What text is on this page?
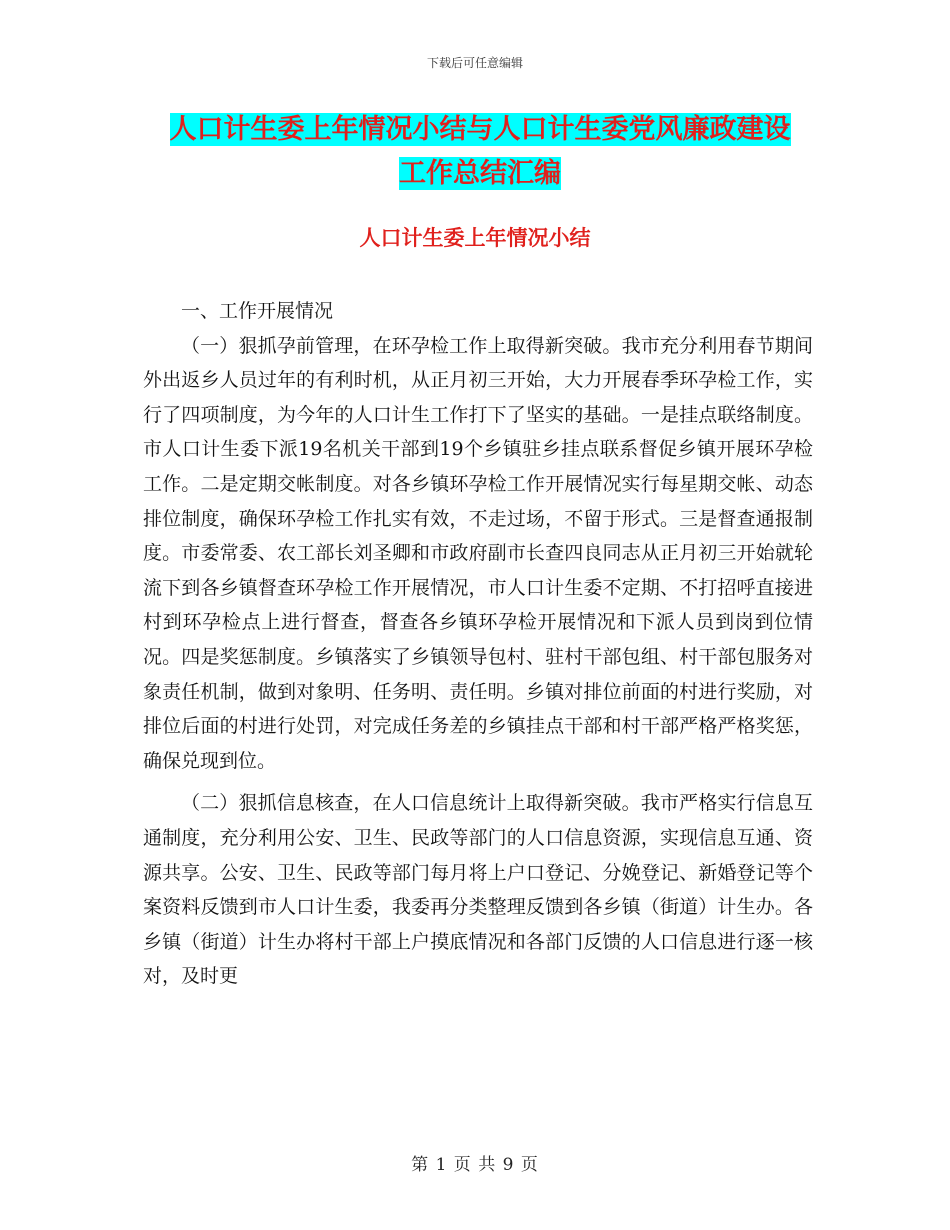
下载后可任意编辑
人口计生委上年情况小结与人口计生委党风廉政建设
工作总结汇编
人口计生委上年情况小结

一、工作开展情况

（一）狠抓孕前管理，在环孕检工作上取得新突破。我市充分利用春节期间外出返乡人员过年的有利时机，从正月初三开始，大力开展春季环孕检工作，实行了四项制度，为今年的人口计生工作打下了坚实的基础。一是挂点联络制度。市人口计生委下派19名机关干部到19个乡镇驻乡挂点联系督促乡镇开展环孕检工作。二是定期交帐制度。对各乡镇环孕检工作开展情况实行每星期交帐、动态排位制度，确保环孕检工作扎实有效，不走过场，不留于形式。三是督查通报制度。市委常委、农工部长刘圣卿和市政府副市长查四良同志从正月初三开始就轮流下到各乡镇督查环孕检工作开展情况，市人口计生委不定期、不打招呼直接进村到环孕检点上进行督查，督查各乡镇环孕检开展情况和下派人员到岗到位情况。四是奖惩制度。乡镇落实了乡镇领导包村、驻村干部包组、村干部包服务对象责任机制，做到对象明、任务明、责任明。乡镇对排位前面的村进行奖励，对排位后面的村进行处罚，对完成任务差的乡镇挂点干部和村干部严格严格奖惩，确保兑现到位。

（二）狠抓信息核查，在人口信息统计上取得新突破。我市严格实行信息互通制度，充分利用公安、卫生、民政等部门的人口信息资源，实现信息互通、资源共享。公安、卫生、民政等部门每月将上户口登记、分娩登记、新婚登记等个案资料反馈到市人口计生委，我委再分类整理反馈到各乡镇（街道）计生办。各乡镇（街道）计生办将村干部上户摸底情况和各部门反馈的人口信息进行逐一核对，及时更

第 1 页 共 9 页
